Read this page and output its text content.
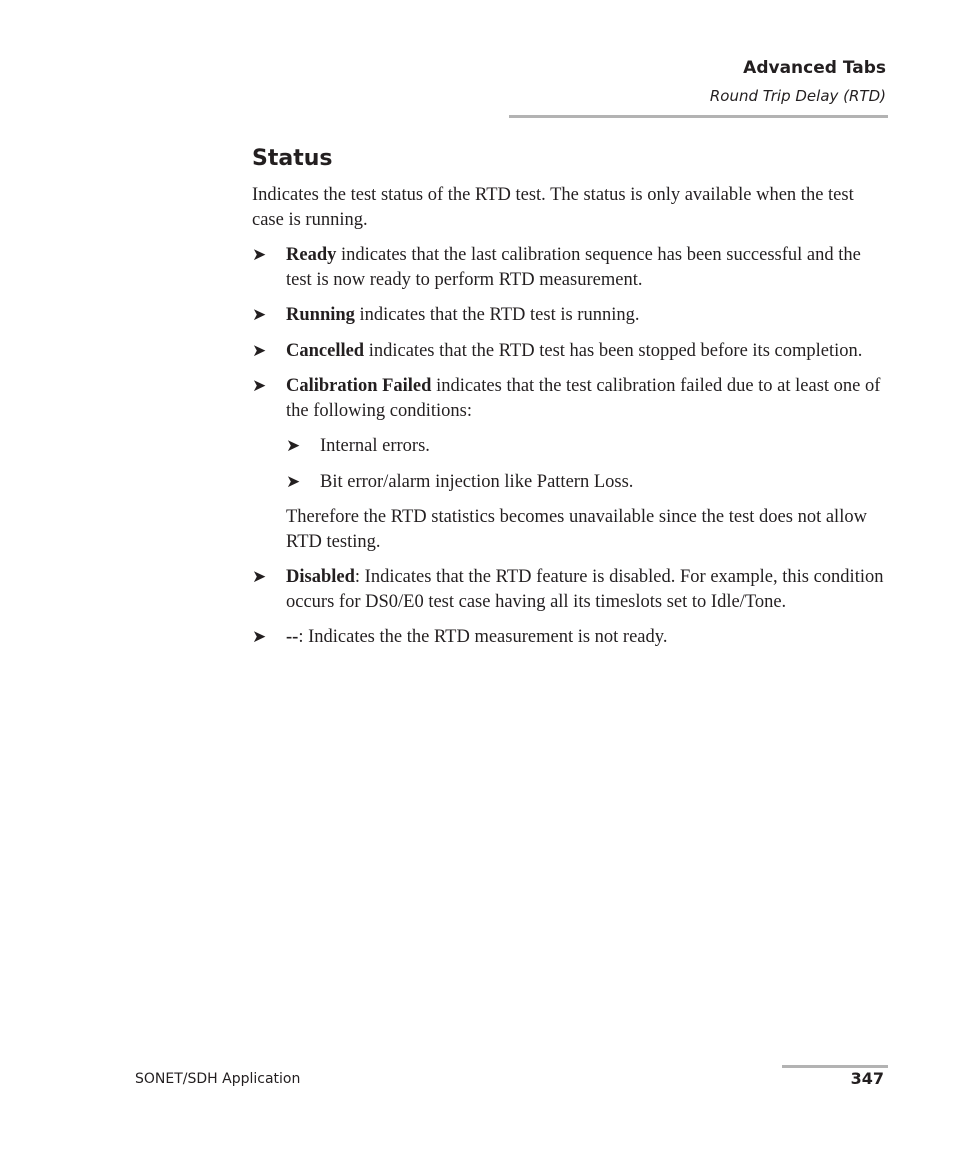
Advanced Tabs
Round Trip Delay (RTD)
Status

Indicates the test status of the RTD test. The status is only available when the test case is running.

➤ Ready indicates that the last calibration sequence has been successful and the test is now ready to perform RTD measurement.
➤ Running indicates that the RTD test is running.
➤ Cancelled indicates that the RTD test has been stopped before its completion.
➤ Calibration Failed indicates that the test calibration failed due to at least one of the following conditions:
➤ Internal errors.
➤ Bit error/alarm injection like Pattern Loss.
Therefore the RTD statistics becomes unavailable since the test does not allow RTD testing.
➤ Disabled: Indicates that the RTD feature is disabled. For example, this condition occurs for DS0/E0 test case having all its timeslots set to Idle/Tone.
➤ --: Indicates the the RTD measurement is not ready.
SONET/SDH Application	347
